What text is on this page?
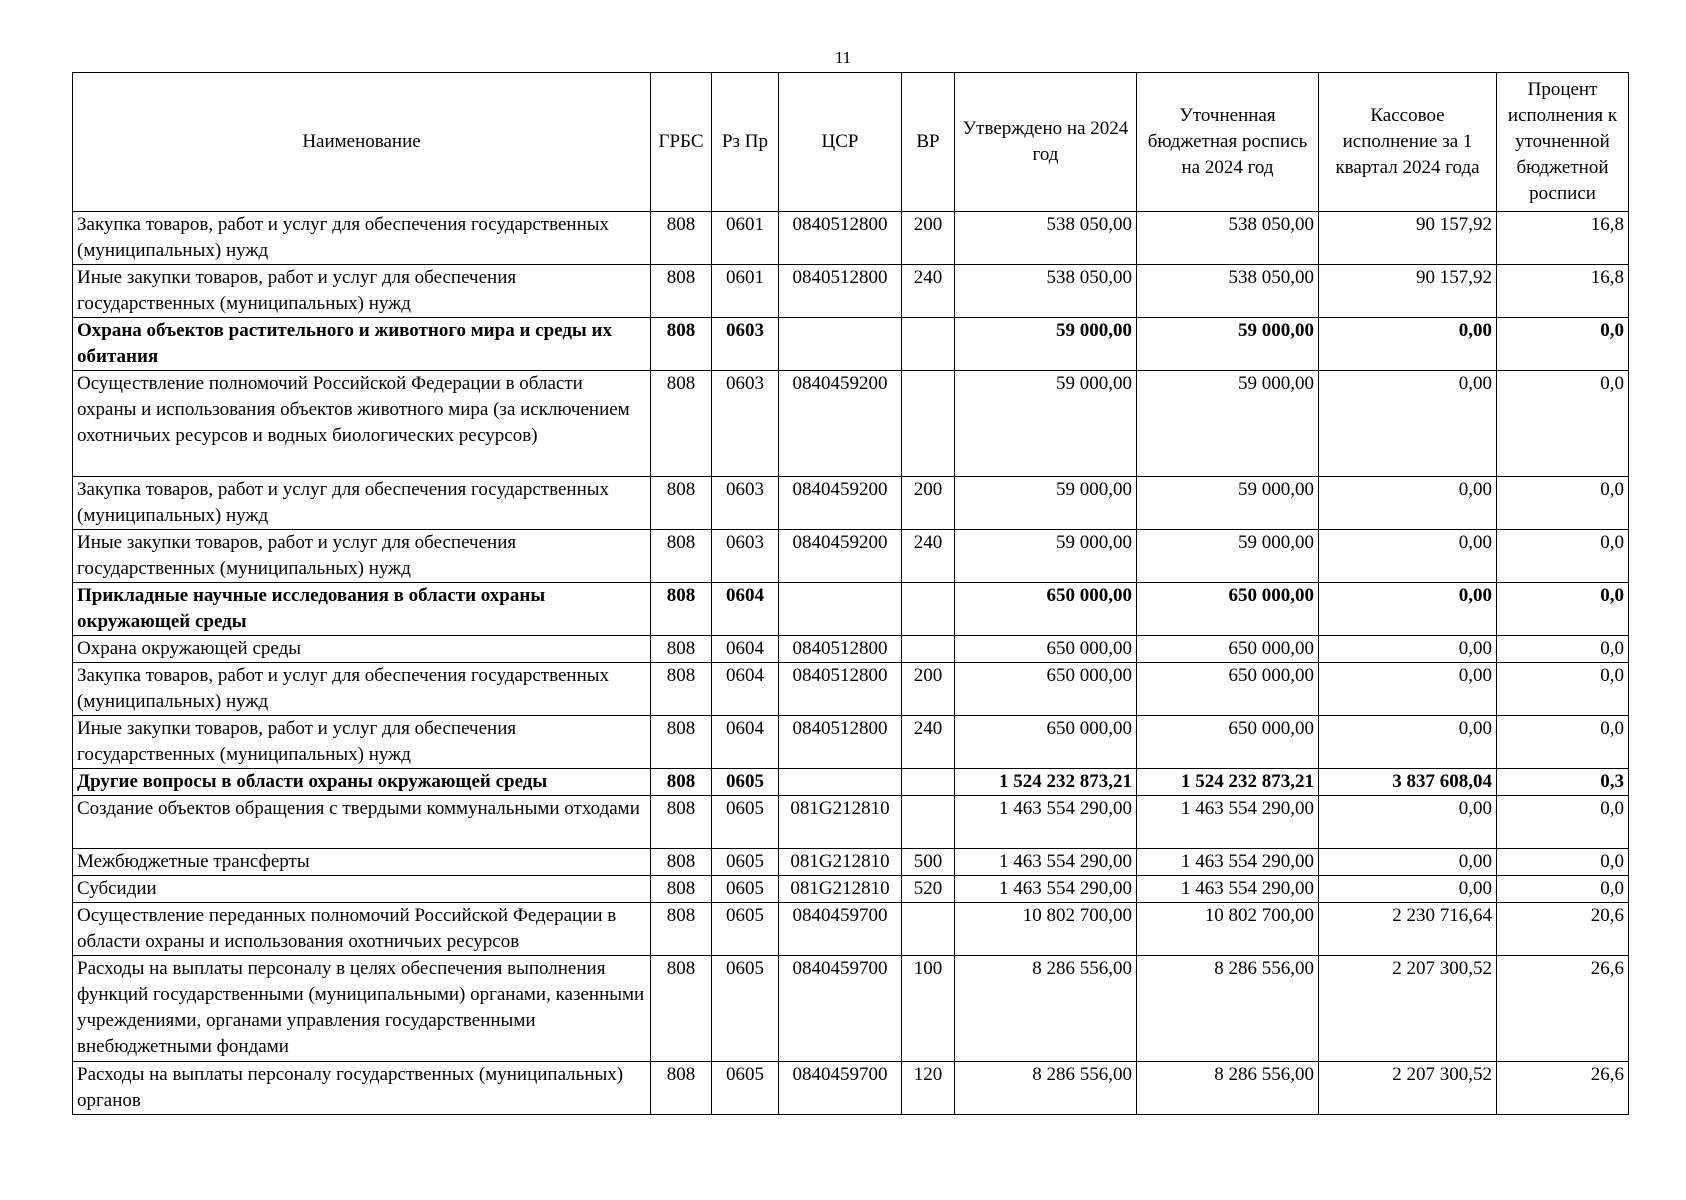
11
Наименование	ГРБС	Рз Пр	ЦСР	ВР	Утверждено на 2024 год	Уточненная бюджетная роспись на 2024 год	Кассовое исполнение за 1 квартал 2024 года	Процент исполнения к уточненной бюджетной росписи
Закупка товаров, работ и услуг для обеспечения государственных (муниципальных) нужд	808	0601	0840512800	200	538 050,00	538 050,00	90 157,92	16,8
Иные закупки товаров, работ и услуг для обеспечения государственных (муниципальных) нужд	808	0601	0840512800	240	538 050,00	538 050,00	90 157,92	16,8
Охрана объектов растительного и животного мира и среды их обитания	808	0603			59 000,00	59 000,00	0,00	0,0
Осуществление полномочий Российской Федерации в области охраны и использования объектов животного мира (за исключением охотничьих ресурсов и водных биологических ресурсов)	808	0603	0840459200		59 000,00	59 000,00	0,00	0,0
Закупка товаров, работ и услуг для обеспечения государственных (муниципальных) нужд	808	0603	0840459200	200	59 000,00	59 000,00	0,00	0,0
Иные закупки товаров, работ и услуг для обеспечения государственных (муниципальных) нужд	808	0603	0840459200	240	59 000,00	59 000,00	0,00	0,0
Прикладные научные исследования в области охраны окружающей среды	808	0604			650 000,00	650 000,00	0,00	0,0
Охрана окружающей среды	808	0604	0840512800		650 000,00	650 000,00	0,00	0,0
Закупка товаров, работ и услуг для обеспечения государственных (муниципальных) нужд	808	0604	0840512800	200	650 000,00	650 000,00	0,00	0,0
Иные закупки товаров, работ и услуг для обеспечения государственных (муниципальных) нужд	808	0604	0840512800	240	650 000,00	650 000,00	0,00	0,0
Другие вопросы в области охраны окружающей среды	808	0605			1 524 232 873,21	1 524 232 873,21	3 837 608,04	0,3
Создание объектов обращения с твердыми коммунальными отходами	808	0605	081G212810		1 463 554 290,00	1 463 554 290,00	0,00	0,0
Межбюджетные трансферты	808	0605	081G212810	500	1 463 554 290,00	1 463 554 290,00	0,00	0,0
Субсидии	808	0605	081G212810	520	1 463 554 290,00	1 463 554 290,00	0,00	0,0
Осуществление переданных полномочий Российской Федерации в области охраны и использования охотничьих ресурсов	808	0605	0840459700		10 802 700,00	10 802 700,00	2 230 716,64	20,6
Расходы на выплаты персоналу в целях обеспечения выполнения функций государственными (муниципальными) органами, казенными учреждениями, органами управления государственными внебюджетными фондами	808	0605	0840459700	100	8 286 556,00	8 286 556,00	2 207 300,52	26,6
Расходы на выплаты персоналу государственных (муниципальных) органов	808	0605	0840459700	120	8 286 556,00	8 286 556,00	2 207 300,52	26,6
